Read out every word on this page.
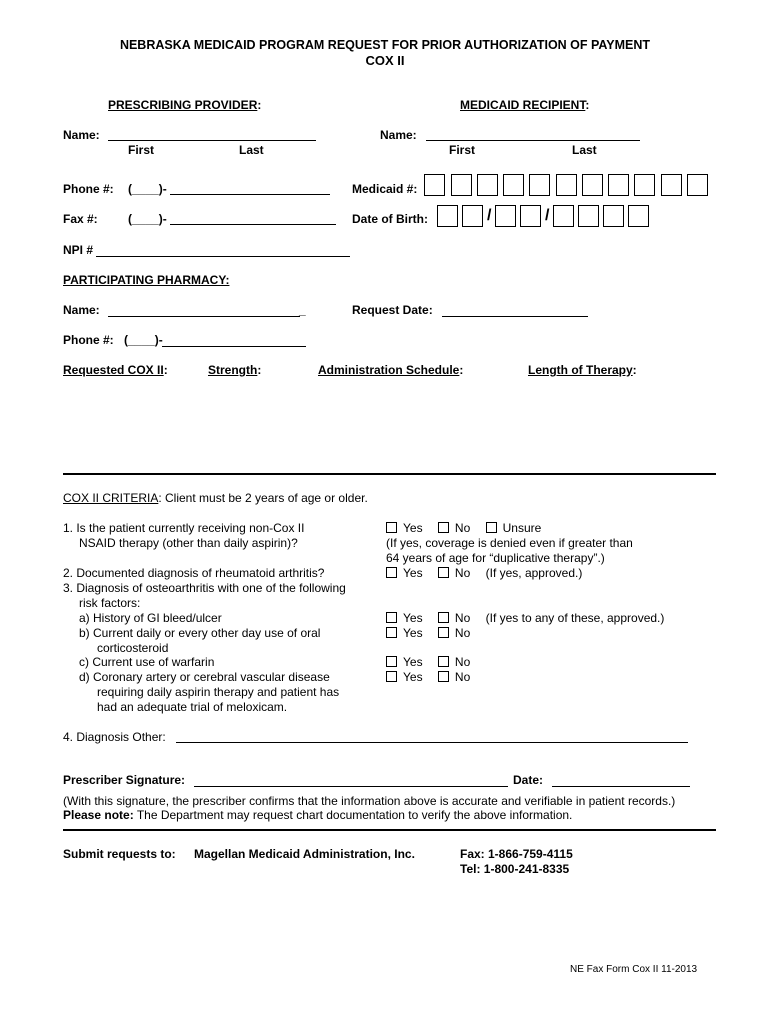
NEBRASKA MEDICAID PROGRAM REQUEST FOR PRIOR AUTHORIZATION OF PAYMENT
COX II
PRESCRIBING PROVIDER:	MEDICAID RECIPIENT:
Name:
First	Last
Name:
First	Last
Phone #: (____)-
Fax #:	(____)-
Medicaid #:
Date of Birth:	/	/
NPI #
PARTICIPATING PHARMACY:
Name:	_	Request Date:
Phone #: (____)-
Requested COX II:	Strength:	Administration Schedule:	Length of Therapy:
COX II CRITERIA: Client must be 2 years of age or older.
1. Is the patient currently receiving non-Cox II
NSAID therapy (other than daily aspirin)?
Yes	No	Unsure
(If yes, coverage is denied even if greater than
64 years of age for “duplicative therapy”.)
2. Documented diagnosis of rheumatoid arthritis?	Yes	No (If yes, approved.)
3. Diagnosis of osteoarthritis with one of the following
risk factors:
a) History of GI bleed/ulcer	Yes	No (If yes to any of these, approved.)
b) Current daily or every other day use of oral
corticosteroid
Yes	No
c) Current use of warfarin	Yes	No
d) Coronary artery or cerebral vascular disease
requiring daily aspirin therapy and patient has
had an adequate trial of meloxicam.
Yes	No
4. Diagnosis Other:
Prescriber Signature:	Date:
(With this signature, the prescriber confirms that the information above is accurate and verifiable in patient records.)
Please note: The Department may request chart documentation to verify the above information.
Submit requests to: Magellan Medicaid Administration, Inc.	Fax: 1-866-759-4115
Tel: 1-800-241-8335
NE Fax Form Cox II 11-2013
